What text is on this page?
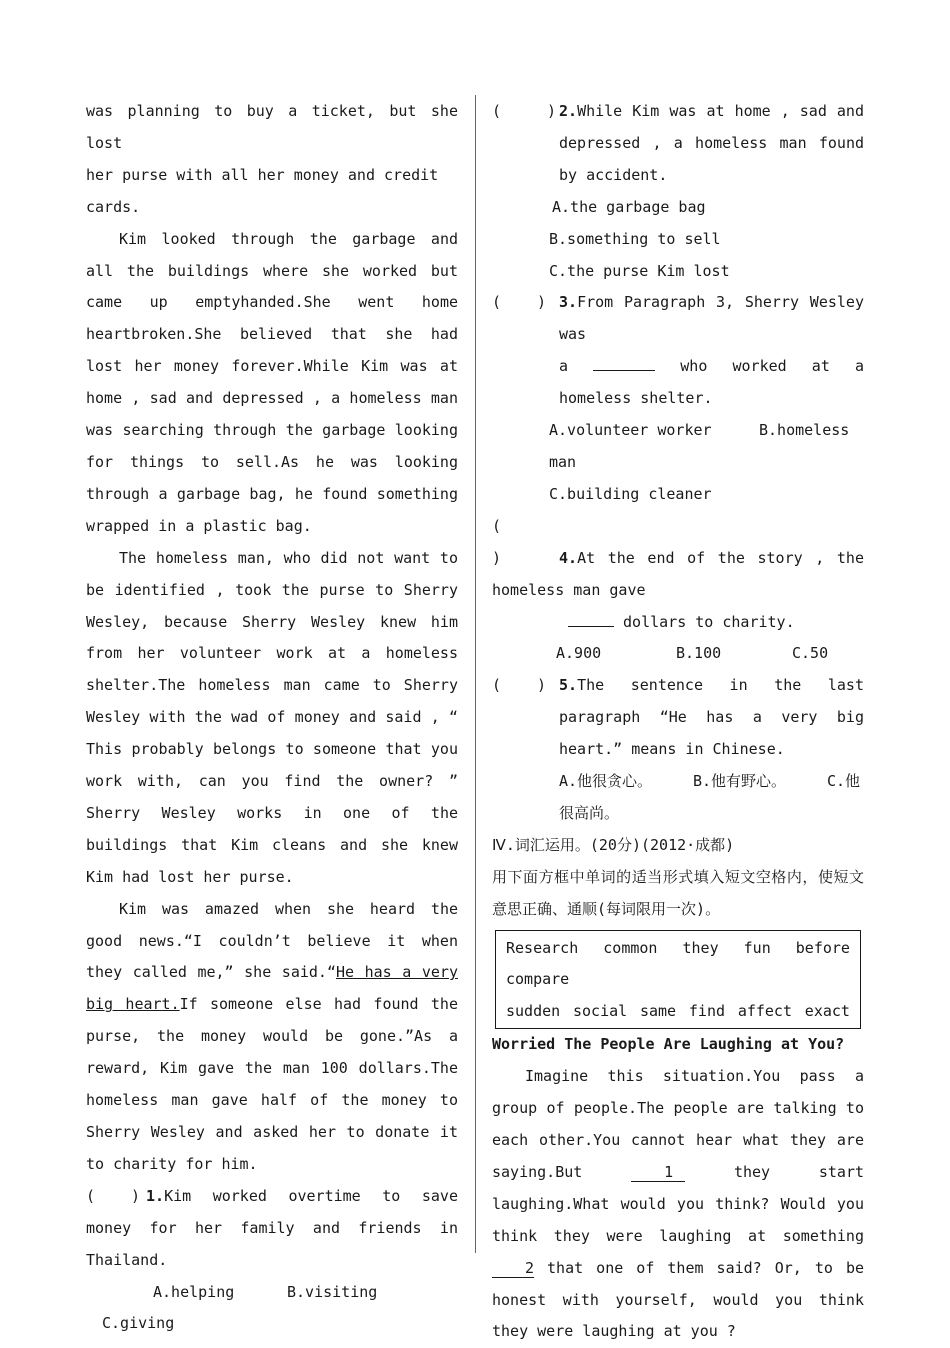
was planning to buy a ticket, but she lost
her purse with all her money and credit
cards.

Kim looked through the garbage and all the buildings where she worked but came up emptyhanded.She went home heartbroken.She believed that she had lost her money forever.While Kim was at home , sad and depressed , a homeless man was searching through the garbage looking for things to sell.As he was looking through a garbage bag, he found something wrapped in a plastic bag.

The homeless man, who did not want to be identified , took the purse to Sherry Wesley, because Sherry Wesley knew him from her volunteer work at a homeless shelter.The homeless man came to Sherry Wesley with the wad of money and said , “ This probably belongs to someone that you work with, can you find the owner? ” Sherry Wesley works in one of the buildings that Kim cleans and she knew Kim had lost her purse.

Kim was amazed when she heard the good news.“I couldn’t believe it when they called me,” she said.“He has a very big heart.If someone else had found the purse, the money would be gone.”As a reward, Kim gave the man 100 dollars.The homeless man gave half of the money to Sherry Wesley and asked her to donate it to charity for him.

( ) 1.Kim worked overtime to save money for her family and friends in Thailand.
A.helping	B.visiting
C.giving
(	) 2.While Kim was at home , sad and depressed , a homeless man found by accident.
A.the garbage bag
B.something to sell
C.the purse Kim lost
( ) 3.From Paragraph 3, Sherry Wesley was
a	who worked at a homeless shelter.
A.volunteer worker	B.homeless man
C.building cleaner
()	4.At the end of the story , the homeless man gave
dollars to charity.
A.900	B.100	C.50
( ) 5.The sentence in the last paragraph “He has a very big heart.” means in Chinese.
A.他很贪心。	B.他有野心。	C.他很高尚。
Ⅳ.词汇运用。(20分)(2012·成都)
用下面方框中单词的适当形式填入短文空格内，使短文意思正确、通顺(每词限用一次)。
Research common they fun before
compare
sudden social same find affect exact
Worried The People Are Laughing at You?

Imagine this situation.You pass a group of people.The people are talking to each other.You cannot hear what they are saying.But	1	they start laughing.What would you think? Would you think they were laughing at something 2 that one of them said? Or, to be honest with yourself, would you think they were laughing at you ?
